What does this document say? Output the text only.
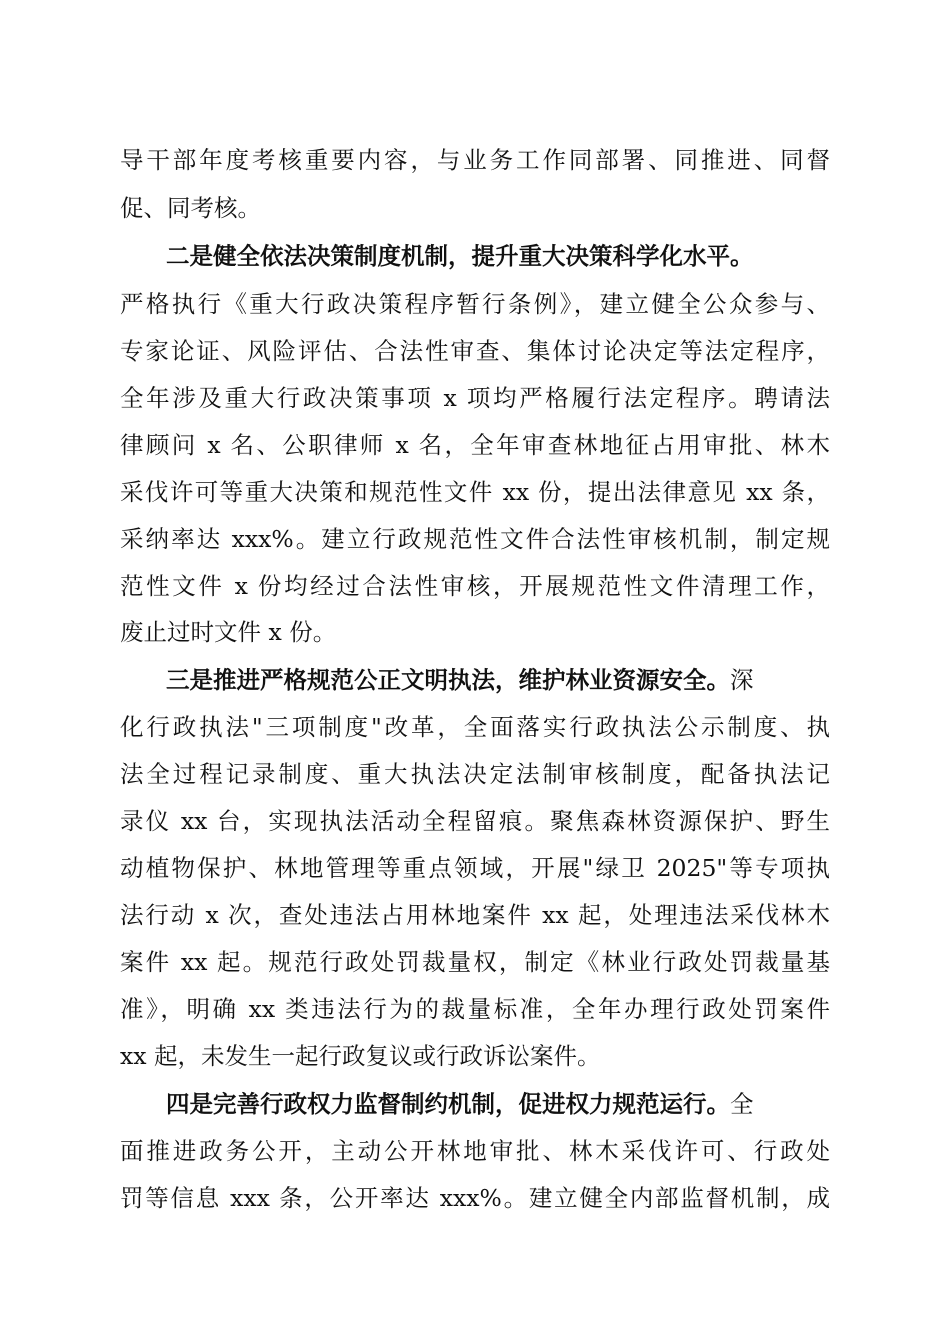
导干部年度考核重要内容，与业务工作同部署、同推进、同督
促、同考核。
二是健全依法决策制度机制，提升重大决策科学化水平。
严格执行《重大行政决策程序暂行条例》，建立健全公众参与、
专家论证、风险评估、合法性审查、集体讨论决定等法定程序，
全年涉及重大行政决策事项 x 项均严格履行法定程序。聘请法
律顾问 x 名、公职律师 x 名，全年审查林地征占用审批、林木
采伐许可等重大决策和规范性文件 xx 份，提出法律意见 xx 条，
采纳率达 xxx%。建立行政规范性文件合法性审核机制，制定规
范性文件 x 份均经过合法性审核，开展规范性文件清理工作，
废止过时文件 x 份。
三是推进严格规范公正文明执法，维护林业资源安全。深
化行政执法"三项制度"改革，全面落实行政执法公示制度、执
法全过程记录制度、重大执法决定法制审核制度，配备执法记
录仪 xx 台，实现执法活动全程留痕。聚焦森林资源保护、野生
动植物保护、林地管理等重点领域，开展"绿卫 2025"等专项执
法行动 x 次，查处违法占用林地案件 xx 起，处理违法采伐林木
案件 xx 起。规范行政处罚裁量权，制定《林业行政处罚裁量基
准》，明确 xx 类违法行为的裁量标准，全年办理行政处罚案件
xx 起，未发生一起行政复议或行政诉讼案件。
四是完善行政权力监督制约机制，促进权力规范运行。全
面推进政务公开，主动公开林地审批、林木采伐许可、行政处
罚等信息 xxx 条，公开率达 xxx%。建立健全内部监督机制，成
